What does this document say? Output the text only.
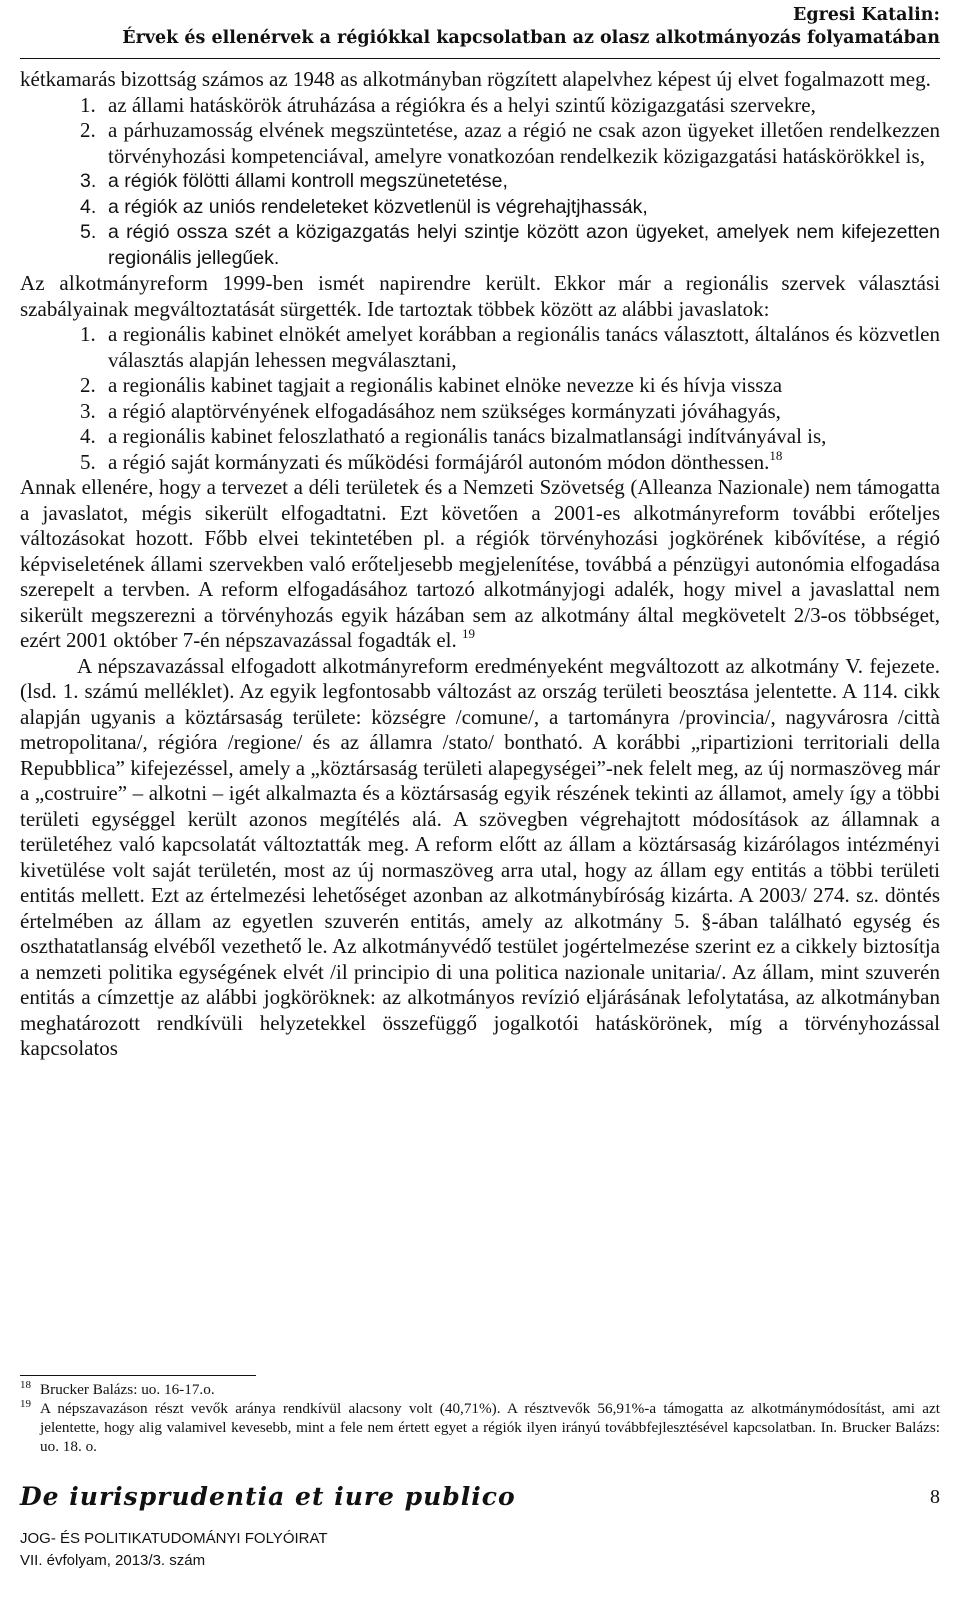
Egresi Katalin:
Érvek és ellenérvek a régiókkal kapcsolatban az olasz alkotmányozás folyamatában

kétkamarás bizottság számos az 1948 as alkotmányban rögzített alapelvhez képest új elvet fogalmazott meg.

1. az állami hatáskörök átruházása a régiókra és a helyi szintű közigazgatási szervekre,
2. a párhuzamosság elvének megszüntetése, azaz a régió ne csak azon ügyeket illetően rendelkezzen törvényhozási kompetenciával, amelyre vonatkozóan rendelkezik közigazgatási hatáskörökkel is,
3. a régiók fölötti állami kontroll megszünetetése,
4. a régiók az uniós rendeleteket közvetlenül is végrehajtjhassák,
5. a régió ossza szét a közigazgatás helyi szintje között azon ügyeket, amelyek nem kifejezetten regionális jellegűek.

Az alkotmányreform 1999-ben ismét napirendre került. Ekkor már a regionális szervek választási szabályainak megváltoztatását sürgették. Ide tartoztak többek között az alábbi javaslatok:

1. a regionális kabinet elnökét amelyet korábban a regionális tanács választott, általános és közvetlen választás alapján lehessen megválasztani,
2. a regionális kabinet tagjait a regionális kabinet elnöke nevezze ki és hívja vissza
3. a régió alaptörvényének elfogadásához nem szükséges kormányzati jóváhagyás,
4. a regionális kabinet feloszlatható a regionális tanács bizalmatlansági indítványával is,
5. a régió saját kormányzati és működési formájáról autonóm módon dönthessen.$^{18}$

Annak ellenére, hogy a tervezet a déli területek és a Nemzeti Szövetség (Alleanza Nazionale) nem támogatta a javaslatot, mégis sikerült elfogadtatni. Ezt követően a 2001-es alkotmányreform további erőteljes változásokat hozott. Főbb elvei tekintetében pl. a régiók törvényhozási jogkörének kibővítése, a régió képviseletének állami szervekben való erőteljesebb megjelenítése, továbbá a pénzügyi autonómia elfogadása szerepelt a tervben. A reform elfogadásához tartozó alkotmányjogi adalék, hogy mivel a javaslattal nem sikerült megszerezni a törvényhozás egyik házában sem az alkotmány által megkövetelt 2/3-os többséget, ezért 2001 október 7-én népszavazással fogadták el. $^{19}$

A népszavazással elfogadott alkotmányreform eredményeként megváltozott az alkotmány V. fejezete. (lsd. 1. számú melléklet). Az egyik legfontosabb változást az ország területi beosztása jelentette. A 114. cikk alapján ugyanis a köztársaság területe: községre /comune/, a tartományra /provincia/, nagyvárosra /città metropolitana/, régióra /regione/ és az államra /stato/ bontható. A korábbi „ripartizioni territoriali della Repubblica” kifejezéssel, amely a „köztársaság területi alapegységei”-nek felelt meg, az új normaszöveg már a „costruire” – alkotni – igét alkalmazta és a köztársaság egyik részének tekinti az államot, amely így a többi területi egységgel került azonos megítélés alá. A szövegben végrehajtott módosítások az államnak a területéhez való kapcsolatát változtatták meg. A reform előtt az állam a köztársaság kizárólagos intézményi kivetülése volt saját területén, most az új normaszöveg arra utal, hogy az állam egy entitás a többi területi entitás mellett. Ezt az értelmezési lehetőséget azonban az alkotmánybíróság kizárta. A 2003/ 274. sz. döntés értelmében az állam az egyetlen szuverén entitás, amely az alkotmány 5. §-ában található egység és oszthatatlanság elvéből vezethető le. Az alkotmányvédő testület jogértelmezése szerint ez a cikkely biztosítja a nemzeti politika egységének elvét /il principio di una politica nazionale unitaria/. Az állam, mint szuverén entitás a címzettje az alábbi jogköröknek: az alkotmányos revízió eljárásának lefolytatása, az alkotmányban meghatározott rendkívüli helyzetekkel összefüggő jogalkotói hatáskörönek, míg a törvényhozással kapcsolatos

18 Brucker Balázs: uo. 16-17.o.
19 A népszavazáson részt vevők aránya rendkívül alacsony volt (40,71%). A résztvevők 56,91%-a támogatta az alkotmánymódosítást, ami azt jelentette, hogy alig valamivel kevesebb, mint a fele nem értett egyet a régiók ilyen irányú továbbfejlesztésével kapcsolatban. In. Brucker Balázs: uo. 18. o.
De iurisprudentia et iure publico	8
JOG- ÉS POLITIKATUDOMÁNYI FOLYÓIRAT
VII. évfolyam, 2013/3. szám
